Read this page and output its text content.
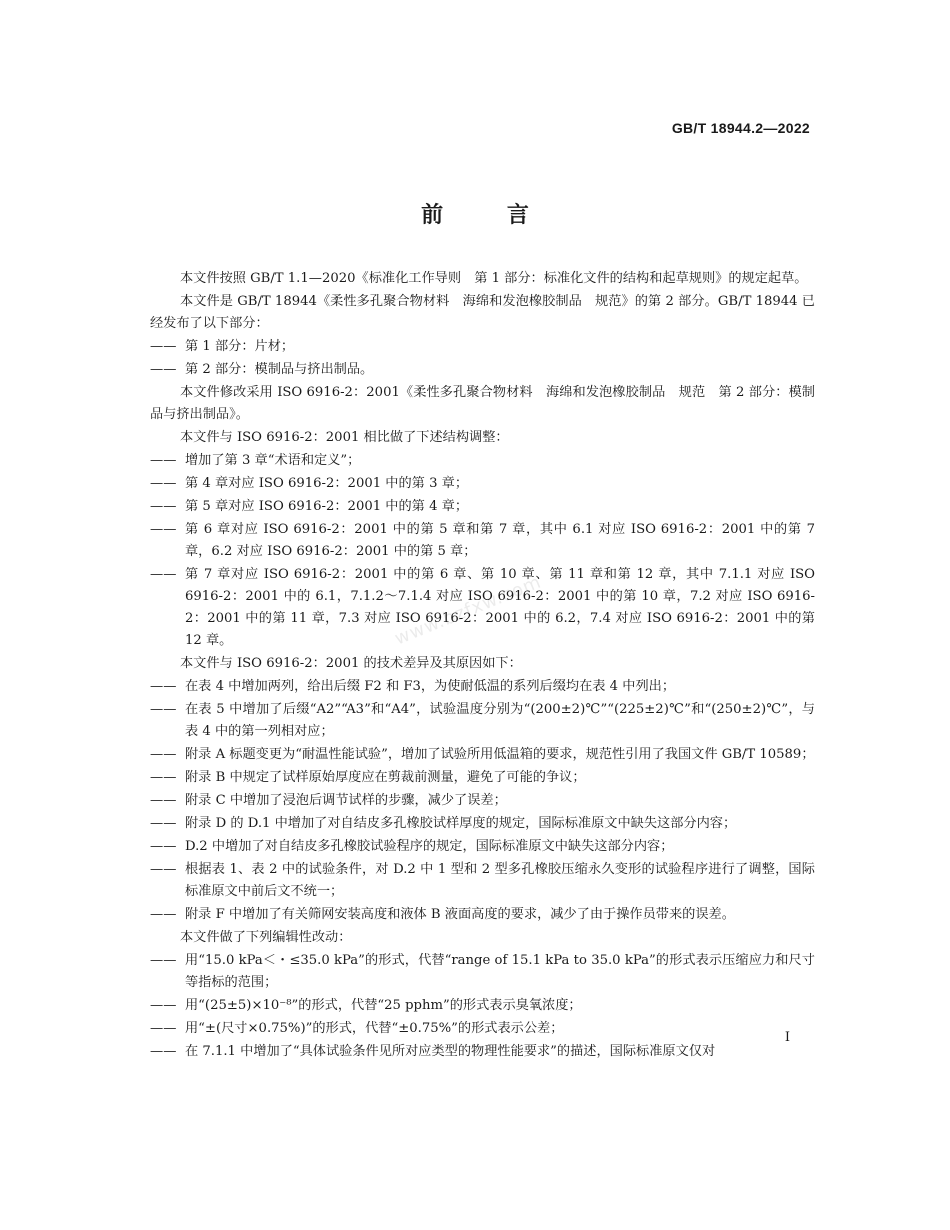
GB/T 18944.2—2022
前 言
www.bzfxw.com
本文件按照 GB/T 1.1—2020《标准化工作导则　第 1 部分：标准化文件的结构和起草规则》的规定起草。
本文件是 GB/T 18944《柔性多孔聚合物材料　海绵和发泡橡胶制品　规范》的第 2 部分。GB/T 18944 已经发布了以下部分：
—— 第 1 部分：片材；
—— 第 2 部分：模制品与挤出制品。
本文件修改采用 ISO 6916-2：2001《柔性多孔聚合物材料　海绵和发泡橡胶制品　规范　第 2 部分：模制品与挤出制品》。
本文件与 ISO 6916-2：2001 相比做了下述结构调整：
—— 增加了第 3 章“术语和定义”；
—— 第 4 章对应 ISO 6916-2：2001 中的第 3 章；
—— 第 5 章对应 ISO 6916-2：2001 中的第 4 章；
—— 第 6 章对应 ISO 6916-2：2001 中的第 5 章和第 7 章，其中 6.1 对应 ISO 6916-2：2001 中的第 7 章，6.2 对应 ISO 6916-2：2001 中的第 5 章；
—— 第 7 章对应 ISO 6916-2：2001 中的第 6 章、第 10 章、第 11 章和第 12 章，其中 7.1.1 对应 ISO 6916-2：2001 中的 6.1，7.1.2～7.1.4 对应 ISO 6916-2：2001 中的第 10 章，7.2 对应 ISO 6916-2：2001 中的第 11 章，7.3 对应 ISO 6916-2：2001 中的 6.2，7.4 对应 ISO 6916-2：2001 中的第 12 章。
本文件与 ISO 6916-2：2001 的技术差异及其原因如下：
—— 在表 4 中增加两列，给出后缀 F2 和 F3，为使耐低温的系列后缀均在表 4 中列出；
—— 在表 5 中增加了后缀“A2”“A3”和“A4”，试验温度分别为“(200±2)℃”“(225±2)℃”和“(250±2)℃”，与表 4 中的第一列相对应；
—— 附录 A 标题变更为“耐温性能试验”，增加了试验所用低温箱的要求，规范性引用了我国文件 GB/T 10589；
—— 附录 B 中规定了试样原始厚度应在剪裁前测量，避免了可能的争议；
—— 附录 C 中增加了浸泡后调节试样的步骤，减少了误差；
—— 附录 D 的 D.1 中增加了对自结皮多孔橡胶试样厚度的规定，国际标准原文中缺失这部分内容；
—— D.2 中增加了对自结皮多孔橡胶试验程序的规定，国际标准原文中缺失这部分内容；
—— 根据表 1、表 2 中的试验条件，对 D.2 中 1 型和 2 型多孔橡胶压缩永久变形的试验程序进行了调整，国际标准原文中前后文不统一；
—— 附录 F 中增加了有关筛网安装高度和液体 B 液面高度的要求，减少了由于操作员带来的误差。
本文件做了下列编辑性改动：
—— 用“15.0 kPa＜・≤35.0 kPa”的形式，代替“range of 15.1 kPa to 35.0 kPa”的形式表示压缩应力和尺寸等指标的范围；
—— 用“(25±5)×10⁻⁸”的形式，代替“25 pphm”的形式表示臭氧浓度；
—— 用“±(尺寸×0.75%)”的形式，代替“±0.75%”的形式表示公差；
—— 在 7.1.1 中增加了“具体试验条件见所对应类型的物理性能要求”的描述，国际标准原文仅对
I
